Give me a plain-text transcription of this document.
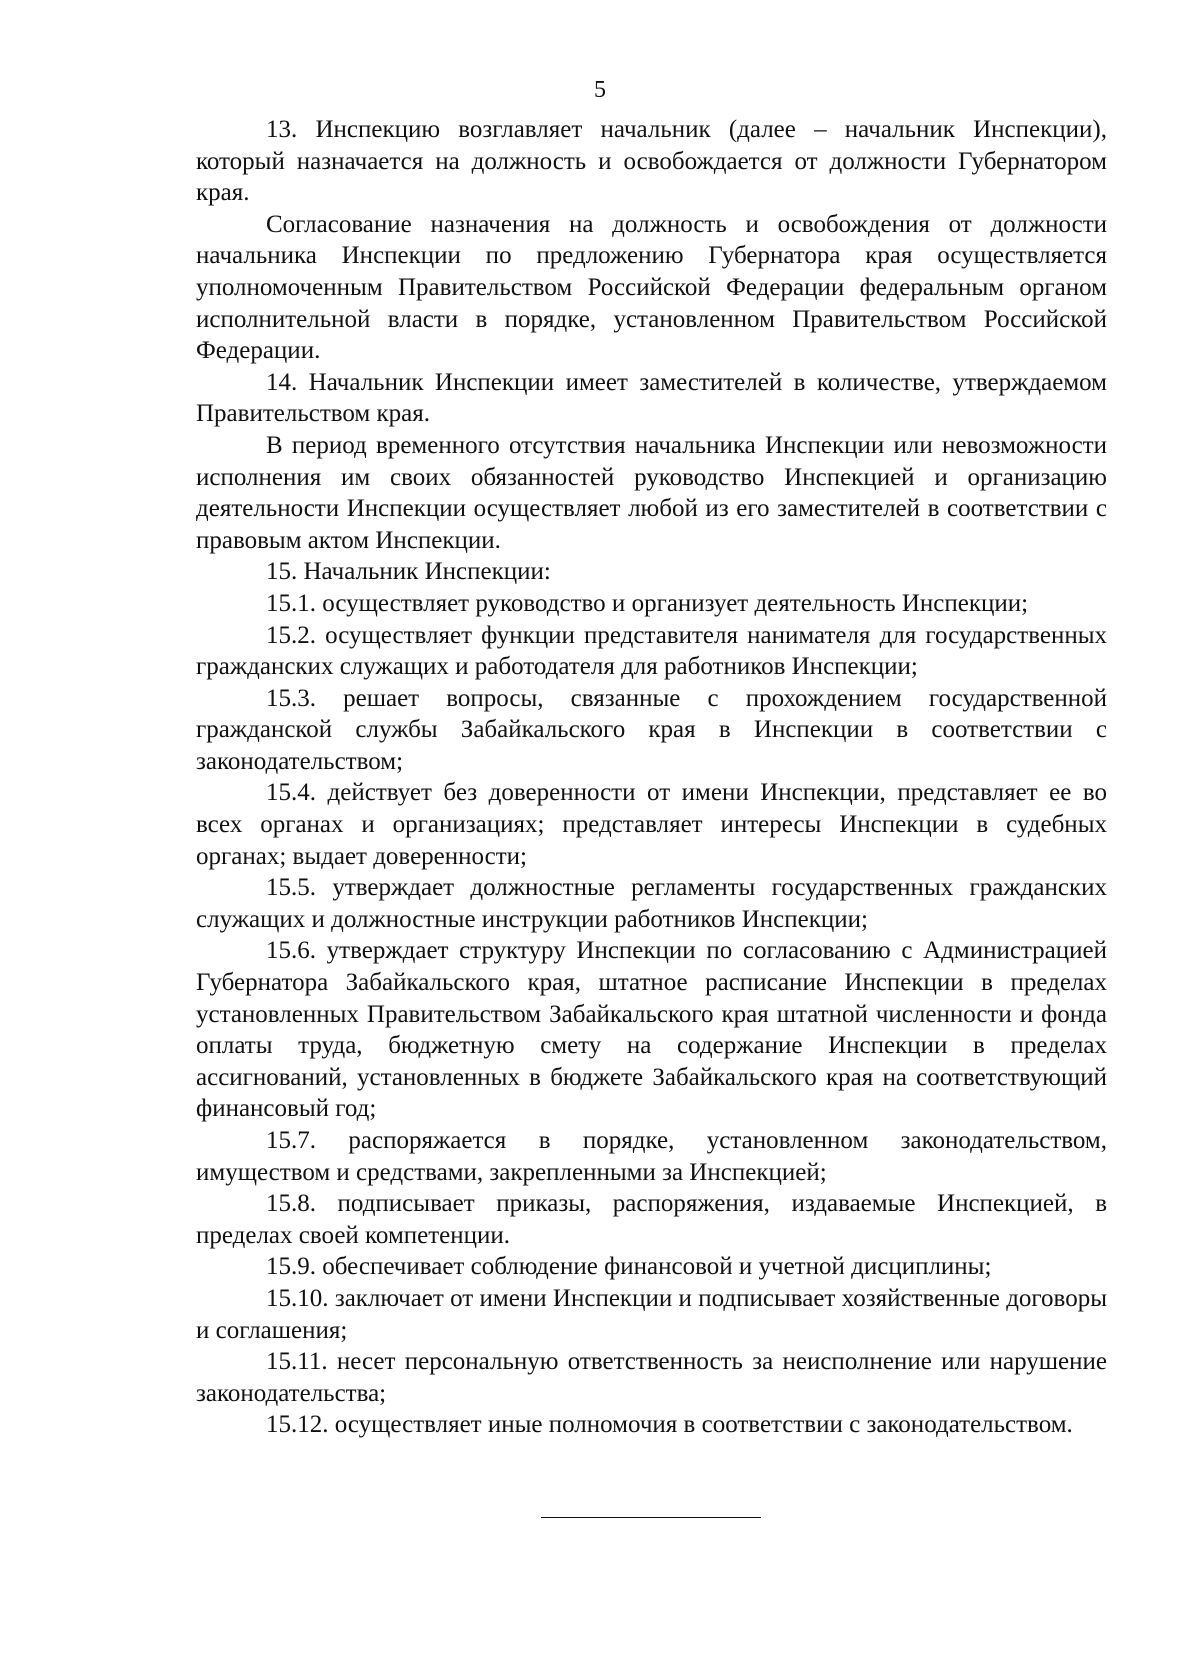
5

13. Инспекцию возглавляет начальник (далее – начальник Инспекции), который назначается на должность и освобождается от должности Губернатором края.

Согласование назначения на должность и освобождения от должности начальника Инспекции по предложению Губернатора края осуществляется уполномоченным Правительством Российской Федерации федеральным органом исполнительной власти в порядке, установленном Правительством Российской Федерации.

14. Начальник Инспекции имеет заместителей в количестве, утверждаемом Правительством края.

В период временного отсутствия начальника Инспекции или невозможности исполнения им своих обязанностей руководство Инспекцией и организацию деятельности Инспекции осуществляет любой из его заместителей в соответствии с правовым актом Инспекции.

15. Начальник Инспекции:

15.1. осуществляет руководство и организует деятельность Инспекции;

15.2. осуществляет функции представителя нанимателя для государственных гражданских служащих и работодателя для работников Инспекции;

15.3. решает вопросы, связанные с прохождением государственной гражданской службы Забайкальского края в Инспекции в соответствии с законодательством;

15.4. действует без доверенности от имени Инспекции, представляет ее во всех органах и организациях; представляет интересы Инспекции в судебных органах; выдает доверенности;

15.5. утверждает должностные регламенты государственных гражданских служащих и должностные инструкции работников Инспекции;

15.6. утверждает структуру Инспекции по согласованию с Администрацией Губернатора Забайкальского края, штатное расписание Инспекции в пределах установленных Правительством Забайкальского края штатной численности и фонда оплаты труда, бюджетную смету на содержание Инспекции в пределах ассигнований, установленных в бюджете Забайкальского края на соответствующий финансовый год;

15.7. распоряжается в порядке, установленном законодательством, имуществом и средствами, закрепленными за Инспекцией;

15.8. подписывает приказы, распоряжения, издаваемые Инспекцией, в пределах своей компетенции.

15.9. обеспечивает соблюдение финансовой и учетной дисциплины;

15.10. заключает от имени Инспекции и подписывает хозяйственные договоры и соглашения;

15.11. несет персональную ответственность за неисполнение или нарушение законодательства;

15.12. осуществляет иные полномочия в соответствии с законодательством.
